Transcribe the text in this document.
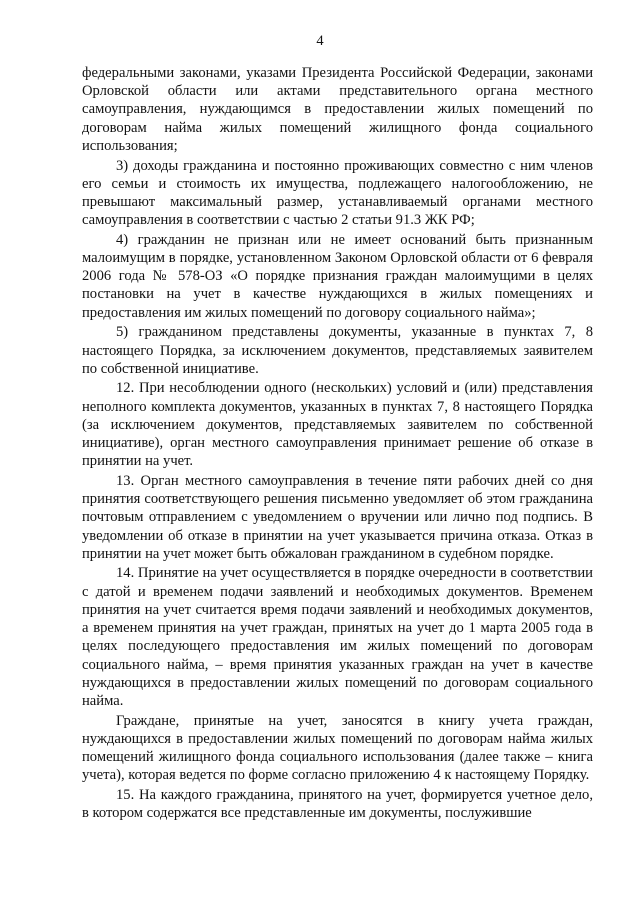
4

федеральными законами, указами Президента Российской Федерации, законами Орловской области или актами представительного органа местного самоуправления, нуждающимся в предоставлении жилых помещений по договорам найма жилых помещений жилищного фонда социального использования;

3) доходы гражданина и постоянно проживающих совместно с ним членов его семьи и стоимость их имущества, подлежащего налогообложению, не превышают максимальный размер, устанавливаемый органами местного самоуправления в соответствии с частью 2 статьи 91.3 ЖК РФ;

4) гражданин не признан или не имеет оснований быть признанным малоимущим в порядке, установленном Законом Орловской области от 6 февраля 2006 года № 578-ОЗ «О порядке признания граждан малоимущими в целях постановки на учет в качестве нуждающихся в жилых помещениях и предоставления им жилых помещений по договору социального найма»;

5) гражданином представлены документы, указанные в пунктах 7, 8 настоящего Порядка, за исключением документов, представляемых заявителем по собственной инициативе.

12. При несоблюдении одного (нескольких) условий и (или) представления неполного комплекта документов, указанных в пунктах 7, 8 настоящего Порядка (за исключением документов, представляемых заявителем по собственной инициативе), орган местного самоуправления принимает решение об отказе в принятии на учет.

13. Орган местного самоуправления в течение пяти рабочих дней со дня принятия соответствующего решения письменно уведомляет об этом гражданина почтовым отправлением с уведомлением о вручении или лично под подпись. В уведомлении об отказе в принятии на учет указывается причина отказа. Отказ в принятии на учет может быть обжалован гражданином в судебном порядке.

14. Принятие на учет осуществляется в порядке очередности в соответствии с датой и временем подачи заявлений и необходимых документов. Временем принятия на учет считается время подачи заявлений и необходимых документов, а временем принятия на учет граждан, принятых на учет до 1 марта 2005 года в целях последующего предоставления им жилых помещений по договорам социального найма, – время принятия указанных граждан на учет в качестве нуждающихся в предоставлении жилых помещений по договорам социального найма.

Граждане, принятые на учет, заносятся в книгу учета граждан, нуждающихся в предоставлении жилых помещений по договорам найма жилых помещений жилищного фонда социального использования (далее также – книга учета), которая ведется по форме согласно приложению 4 к настоящему Порядку.

15. На каждого гражданина, принятого на учет, формируется учетное дело, в котором содержатся все представленные им документы, послужившие
